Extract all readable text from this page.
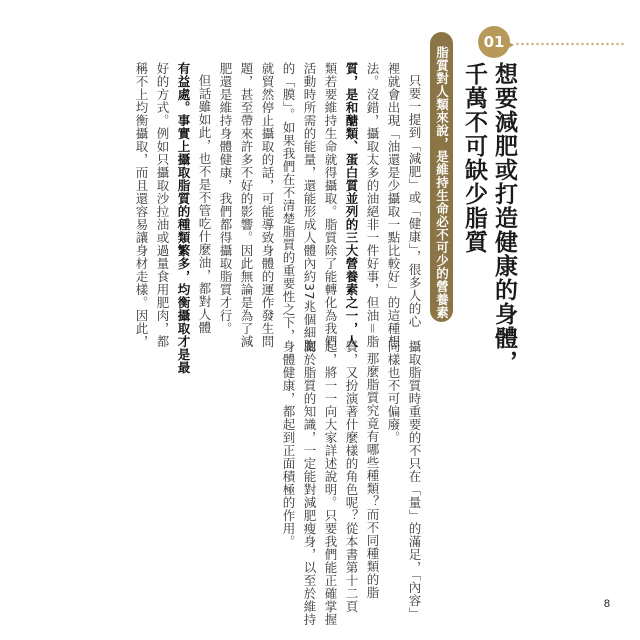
01
想要減肥或打造健康的身體，
千萬不可缺少脂質
脂質對人類來說，是維持生命必不可少的營養素
只要一提到「減肥」或「健康」，很多人的心
裡就會出現「油還是少攝取一點比較好」的這種想
法。沒錯，攝取太多的油絕非一件好事，但油＝脂
質，是和醣類、蛋白質並列的三大營養素之一，人
類若要維持生命就得攝取。脂質除了能轉化為我們
活動時所需的能量，還能形成人體內約37兆個細胞
的「膜」。如果我們在不清楚脂質的重要性之下，
就貿然停止攝取的話，可能導致身體的運作發生問
題，甚至帶來許多不好的影響。因此無論是為了減
肥還是維持身體健康，我們都得攝取脂質才行。
但話雖如此，也不是不管吃什麼油，都對人體
有益處。事實上攝取脂質的種類繁多，均衡攝取才是最
好的方式。例如只攝取沙拉油或過量食用肥肉，都
稱不上均衡攝取，而且還容易讓身材走樣。因此，
攝取脂質時重要的不只在「量」的滿足，「內容」
同樣也不可偏廢。
那麼脂質究竟有哪些種類？而不同種類的脂
質，又扮演著什麼樣的角色呢？從本書第十二頁
起，將一一向大家詳述說明。只要我們能正確掌握
關於脂質的知識，一定能對減肥瘦身，以至於維持
身體健康，都起到正面積極的作用。
8
